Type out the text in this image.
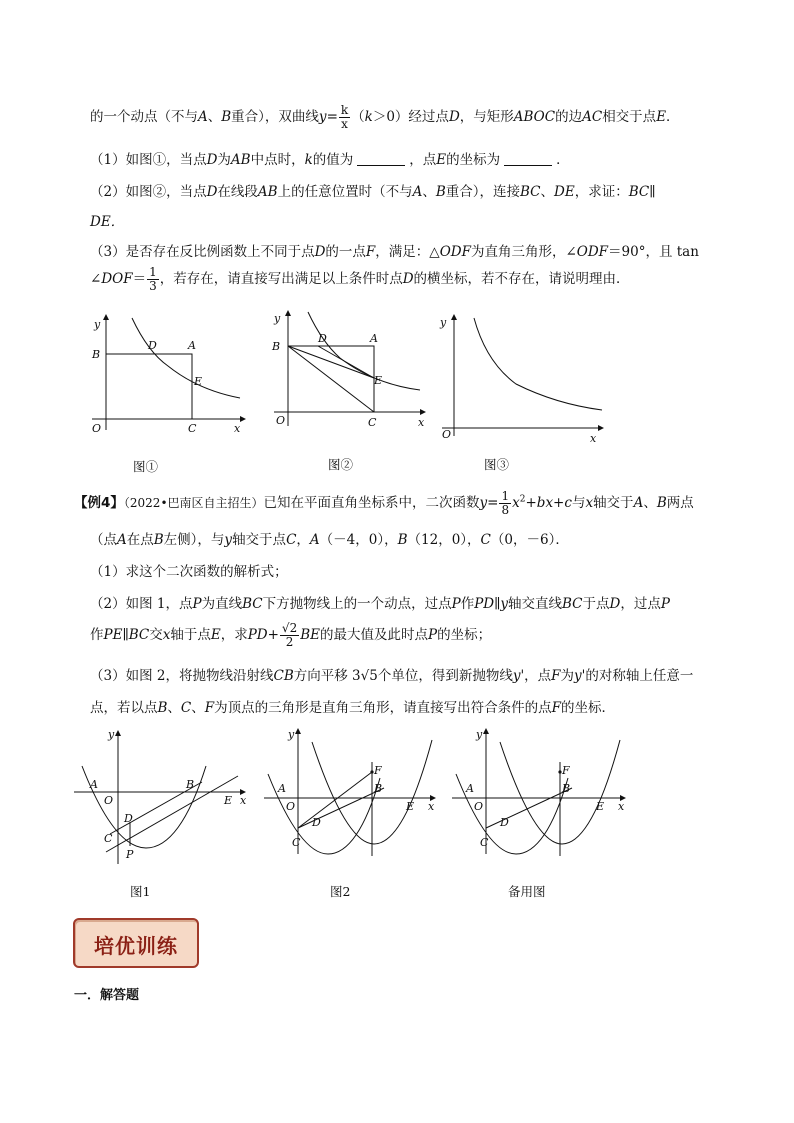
的一个动点（不与A、B重合），双曲线$y= \frac{k}{x} (k>0)$经过点D，与矩形ABOC的边AC相交于点E．
（1）如图①，当点D为AB中点时，k的值为	，点E的坐标为	．
（2）如图②，当点D在线段AB上的任意位置时（不与A、B重合），连接BC、DE，求证：BC∥
DE．
（3）是否存在反比例函数上不同于点D的一点F，满足：△ODF为直角三角形，∠ODF＝90°，且 tan
∠DOF＝ $\frac{1}{3}$ ，若存在，请直接写出满足以上条件时点D的横坐标，若不存在，请说明理由．
y
B
D	A
E
O	C	x
图①
y
B
D	A
E
O	C	x
图②
y
O	x
图③
【例4】（2022•巴南区自主招生）已知在平面直角坐标系中，二次函数$y= \frac{1}{8} x^2+bx+c$与x轴交于A、B两点
（点A在点B左侧），与y轴交于点C，A（－4，0），B（12，0），C（0，－6）．
（1）求这个二次函数的解析式；
（2）如图 1，点P为直线BC下方抛物线上的一个动点，过点P作PD∥y轴交直线BC于点D，过点P
作PE∥BC交x轴于点E，求$PD+ \frac{√2}{2}$ BE的最大值及此时点P的坐标；
（3）如图 2，将抛物线沿射线CB方向平移 3√5个单位，得到新抛物线y'，点F为y'的对称轴上任意一
点，若以点B、C、F为顶点的三角形是直角三角形，请直接写出符合条件的点F的坐标．
y
A
O
B
E x
D
C
P
图1
y
A
O
B
E x
F
D
C
图2
y
A
O
B
E x
F
D
C
备用图
培优训练
一．解答题
